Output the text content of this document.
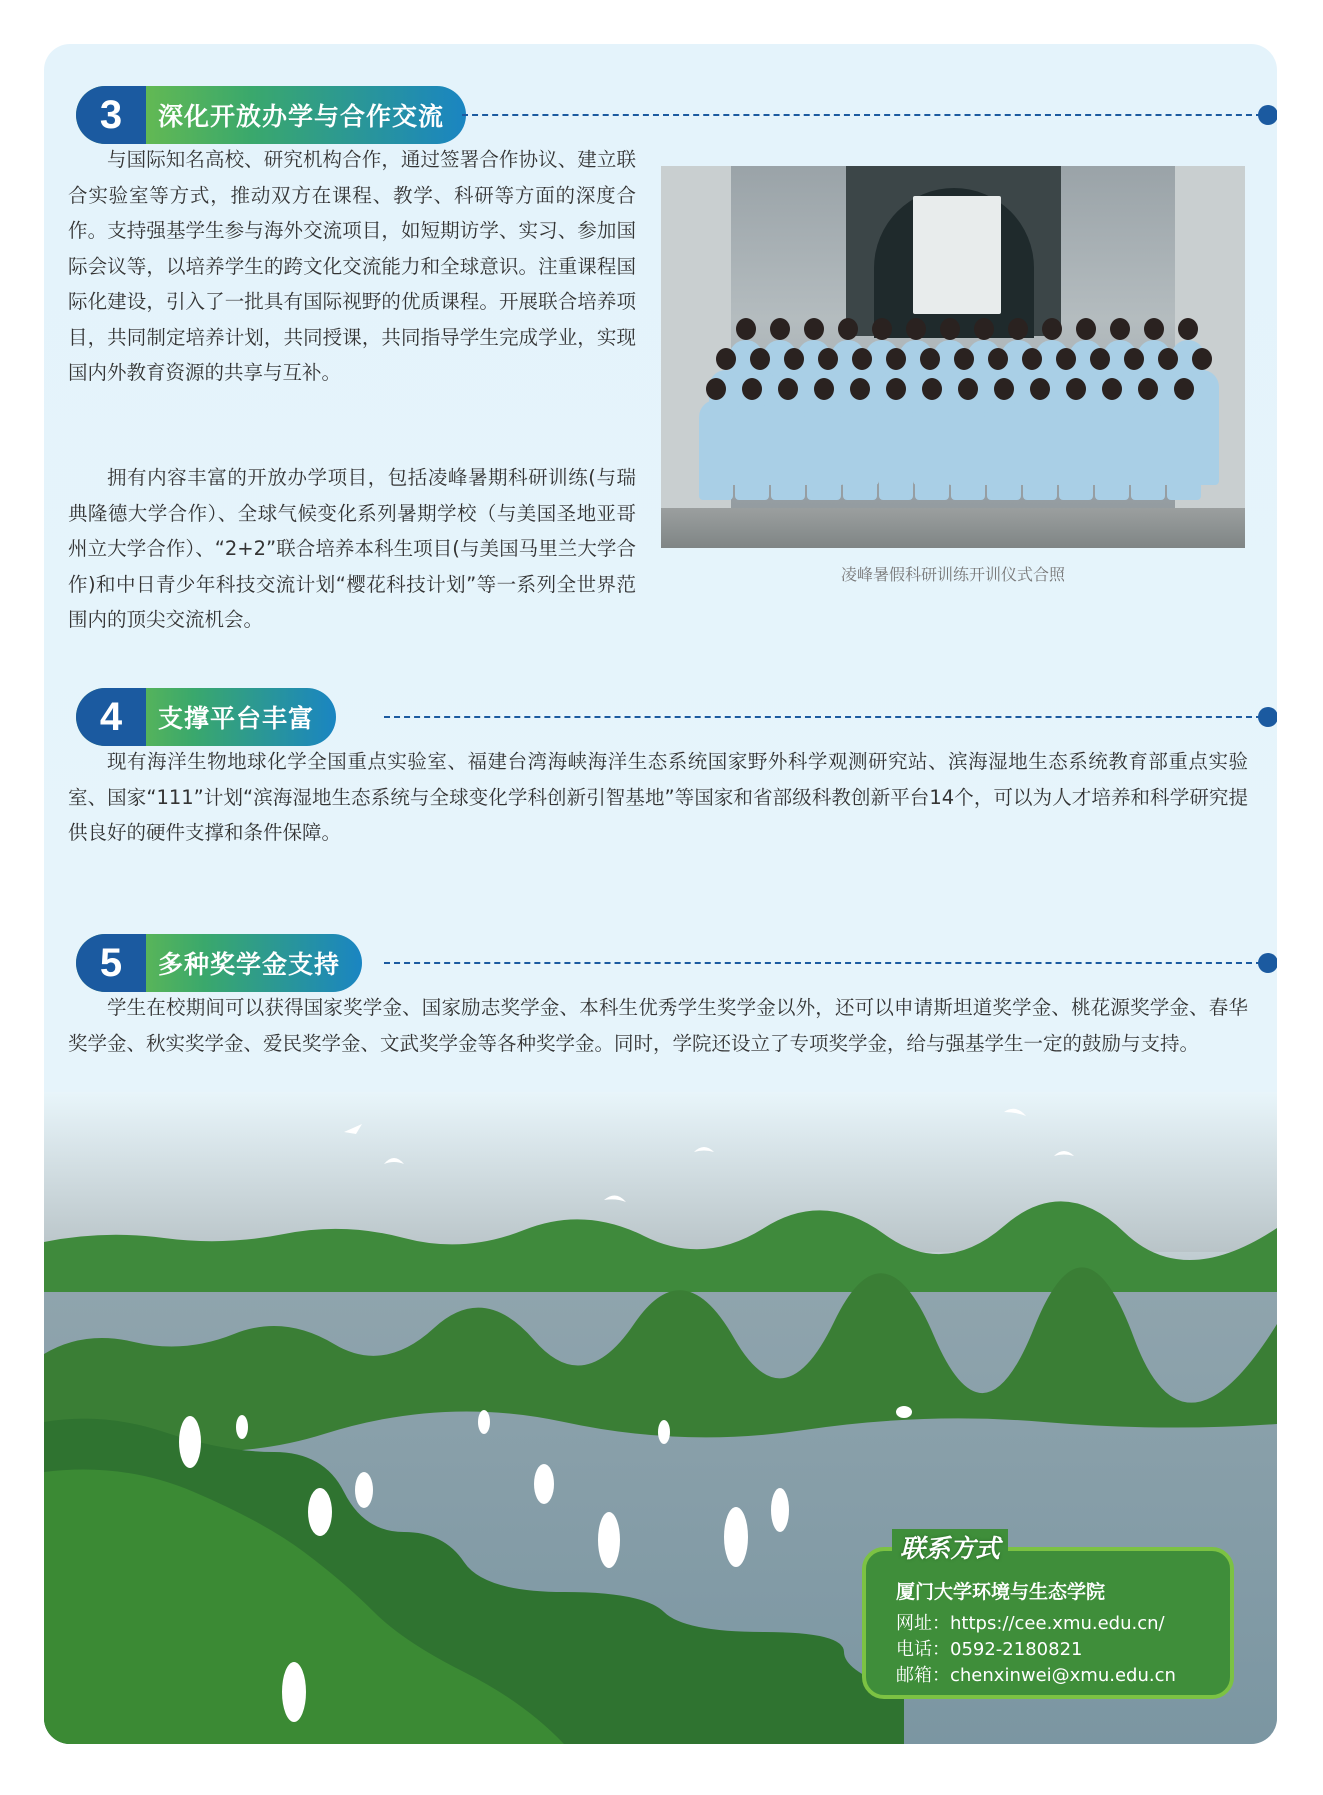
3	深化开放办学与合作交流

与国际知名高校、研究机构合作，通过签署合作协议、建立联合实验室等方式，推动双方在课程、教学、科研等方面的深度合作。支持强基学生参与海外交流项目，如短期访学、实习、参加国际会议等，以培养学生的跨文化交流能力和全球意识。注重课程国际化建设，引入了一批具有国际视野的优质课程。开展联合培养项目，共同制定培养计划，共同授课，共同指导学生完成学业，实现国内外教育资源的共享与互补。

拥有内容丰富的开放办学项目，包括凌峰暑期科研训练(与瑞典隆德大学合作）、全球气候变化系列暑期学校（与美国圣地亚哥州立大学合作）、“2+2”联合培养本科生项目(与美国马里兰大学合作)和中日青少年科技交流计划“樱花科技计划”等一系列全世界范围内的顶尖交流机会。

凌峰暑假科研训练开训仪式合照
4	支撑平台丰富

现有海洋生物地球化学全国重点实验室、福建台湾海峡海洋生态系统国家野外科学观测研究站、滨海湿地生态系统教育部重点实验室、国家“111”计划“滨海湿地生态系统与全球变化学科创新引智基地”等国家和省部级科教创新平台14个，可以为人才培养和科学研究提供良好的硬件支撑和条件保障。

5	多种奖学金支持

学生在校期间可以获得国家奖学金、国家励志奖学金、本科生优秀学生奖学金以外，还可以申请斯坦道奖学金、桃花源奖学金、春华奖学金、秋实奖学金、爱民奖学金、文武奖学金等各种奖学金。同时，学院还设立了专项奖学金，给与强基学生一定的鼓励与支持。

联系方式
厦门大学环境与生态学院
网址：https://cee.xmu.edu.cn/
电话：0592-2180821
邮箱：chenxinwei@xmu.edu.cn
